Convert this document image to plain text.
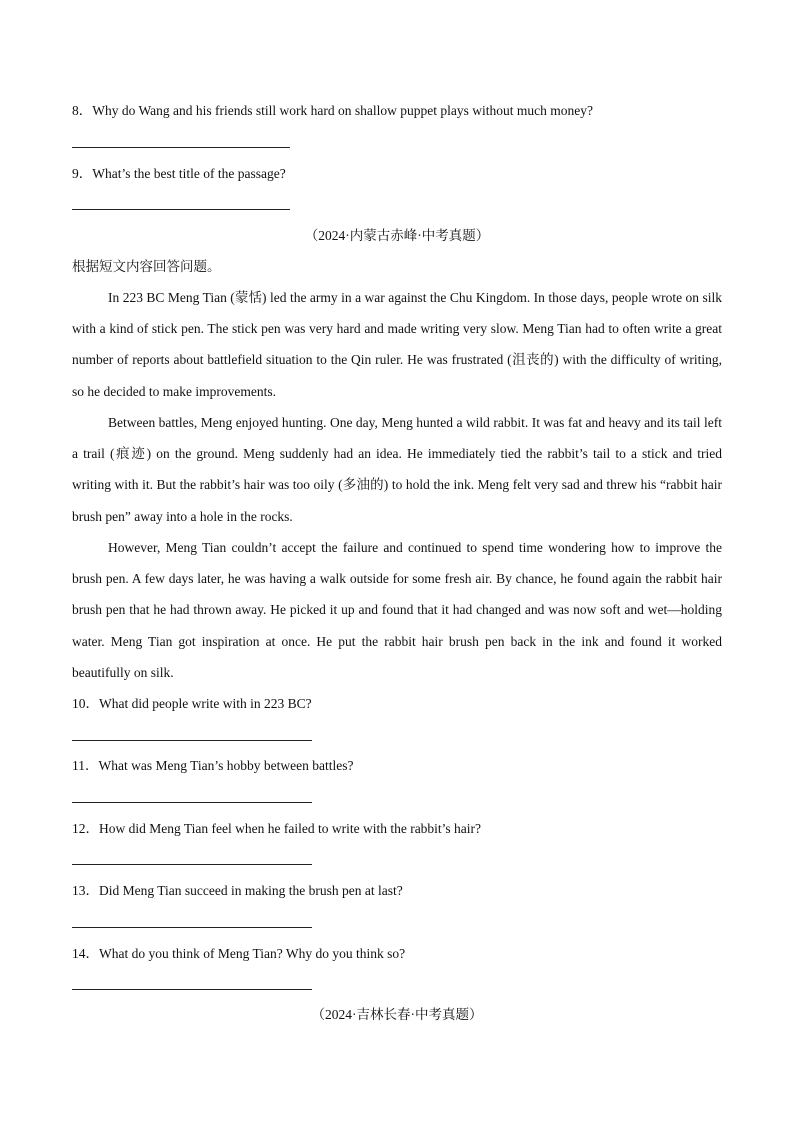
8．Why do Wang and his friends still work hard on shallow puppet plays without much money?
9．What’s the best title of the passage?
（2024·内蒙古赤峰·中考真题）
根据短文内容回答问题。
In 223 BC Meng Tian (蒙恬) led the army in a war against the Chu Kingdom. In those days, people wrote on silk with a kind of stick pen. The stick pen was very hard and made writing very slow. Meng Tian had to often write a great number of reports about battlefield situation to the Qin ruler. He was frustrated (沮丧的) with the difficulty of writing, so he decided to make improvements.
Between battles, Meng enjoyed hunting. One day, Meng hunted a wild rabbit. It was fat and heavy and its tail left a trail (痕迹) on the ground. Meng suddenly had an idea. He immediately tied the rabbit’s tail to a stick and tried writing with it. But the rabbit’s hair was too oily (多油的) to hold the ink. Meng felt very sad and threw his “rabbit hair brush pen” away into a hole in the rocks.
However, Meng Tian couldn’t accept the failure and continued to spend time wondering how to improve the brush pen. A few days later, he was having a walk outside for some fresh air. By chance, he found again the rabbit hair brush pen that he had thrown away. He picked it up and found that it had changed and was now soft and wet—holding water. Meng Tian got inspiration at once. He put the rabbit hair brush pen back in the ink and found it worked beautifully on silk.
10．What did people write with in 223 BC?
11．What was Meng Tian’s hobby between battles?
12．How did Meng Tian feel when he failed to write with the rabbit’s hair?
13．Did Meng Tian succeed in making the brush pen at last?
14．What do you think of Meng Tian? Why do you think so?
（2024·吉林长春·中考真题）
